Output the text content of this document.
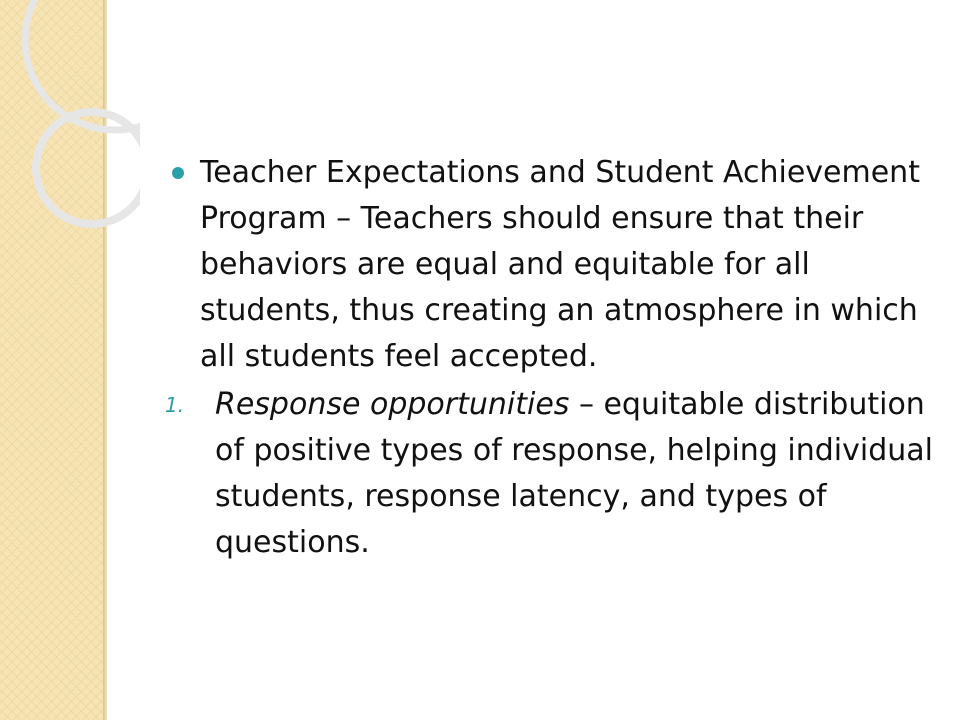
Teacher Expectations and Student Achievement Program – Teachers should ensure that their behaviors are equal and equitable for all students, thus creating an atmosphere in which all students feel accepted.
1. Response opportunities – equitable distribution of positive types of response, helping individual students, response latency, and types of questions.
